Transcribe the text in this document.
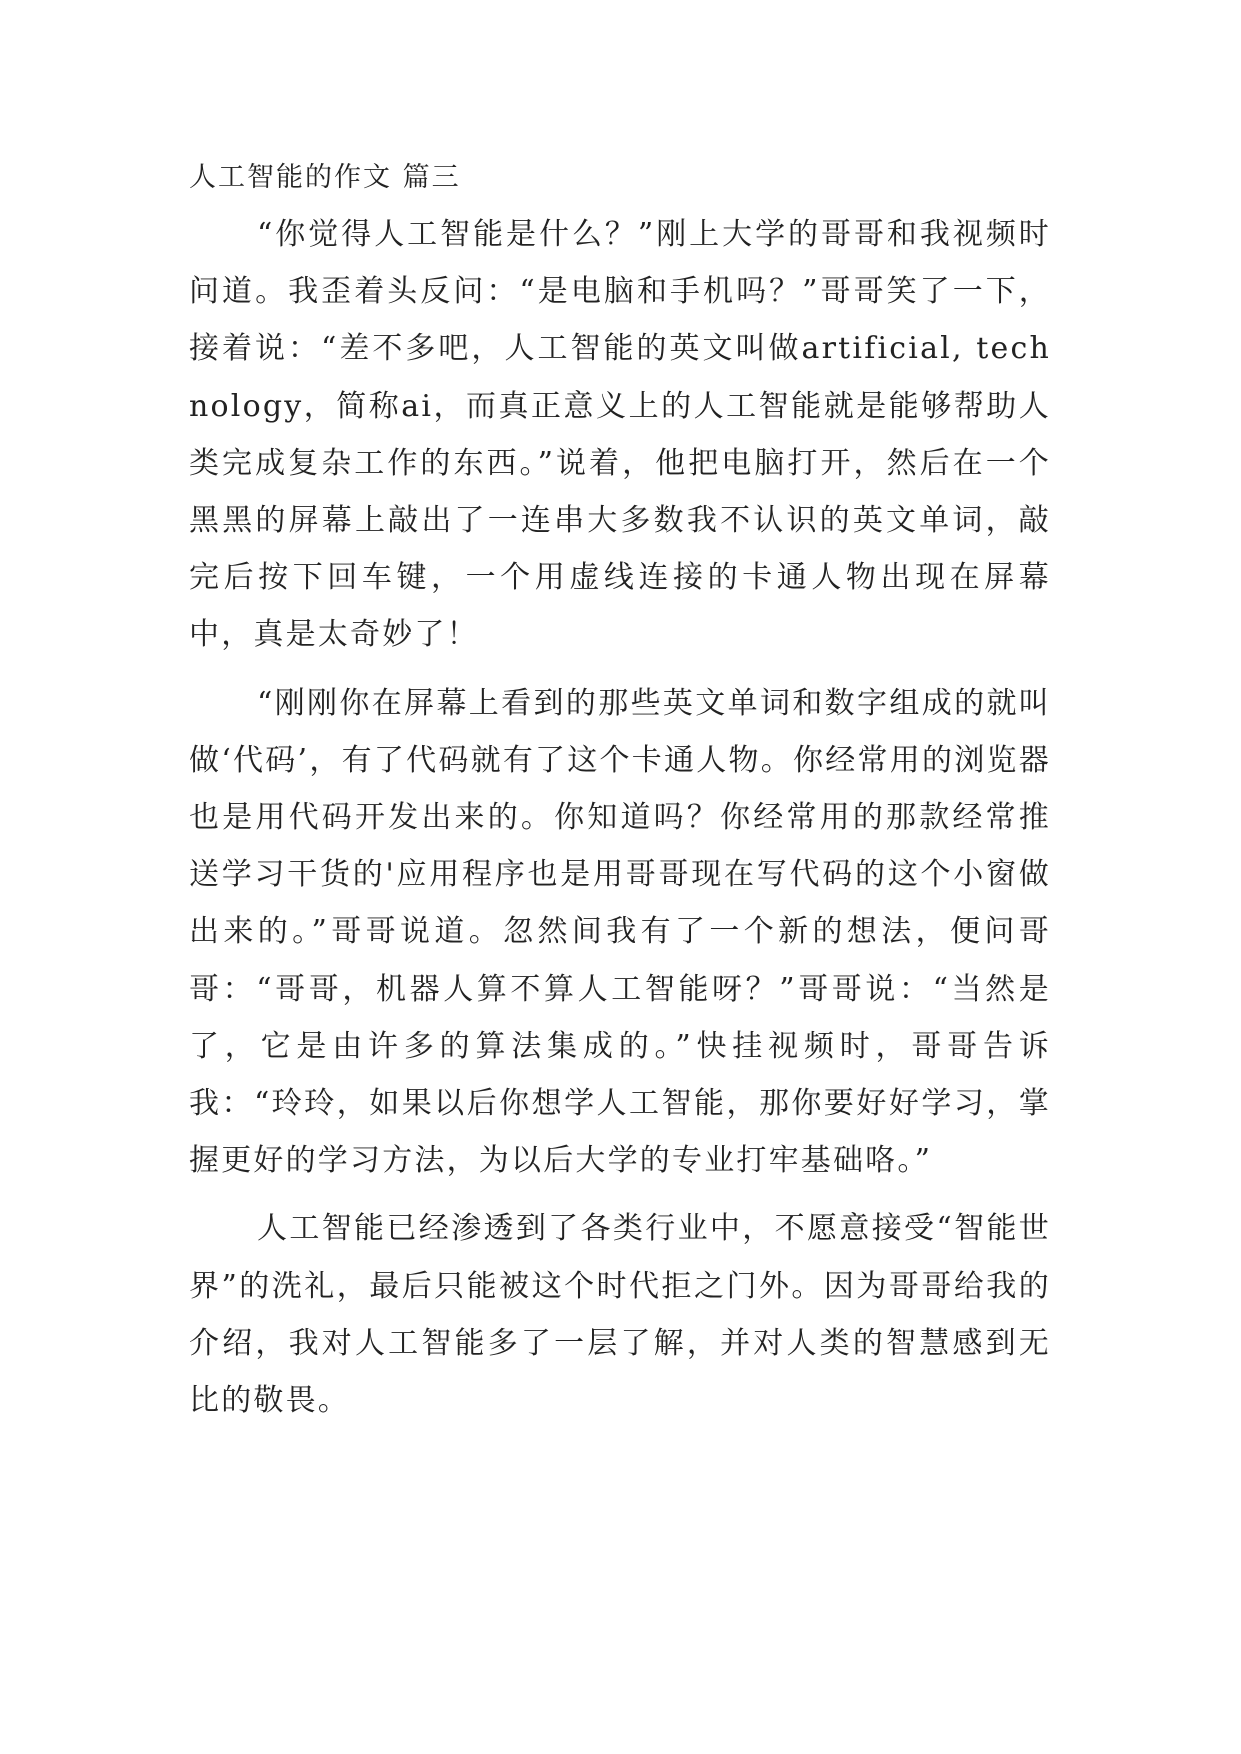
人工智能的作文 篇三

“你觉得人工智能是什么？”刚上大学的哥哥和我视频时问道。我歪着头反问：“是电脑和手机吗？”哥哥笑了一下，接着说：“差不多吧，人工智能的英文叫做artificial, technology，简称ai，而真正意义上的人工智能就是能够帮助人类完成复杂工作的东西。”说着，他把电脑打开，然后在一个黑黑的屏幕上敲出了一连串大多数我不认识的英文单词，敲完后按下回车键，一个用虚线连接的卡通人物出现在屏幕中，真是太奇妙了！

“刚刚你在屏幕上看到的那些英文单词和数字组成的就叫做‘代码’，有了代码就有了这个卡通人物。你经常用的浏览器也是用代码开发出来的。你知道吗？你经常用的那款经常推送学习干货的'应用程序也是用哥哥现在写代码的这个小窗做出来的。”哥哥说道。忽然间我有了一个新的想法，便问哥哥：“哥哥，机器人算不算人工智能呀？”哥哥说：“当然是了，它是由许多的算法集成的。”快挂视频时，哥哥告诉我：“玲玲，如果以后你想学人工智能，那你要好好学习，掌握更好的学习方法，为以后大学的专业打牢基础咯。”

人工智能已经渗透到了各类行业中，不愿意接受“智能世界”的洗礼，最后只能被这个时代拒之门外。因为哥哥给我的介绍，我对人工智能多了一层了解，并对人类的智慧感到无比的敬畏。
